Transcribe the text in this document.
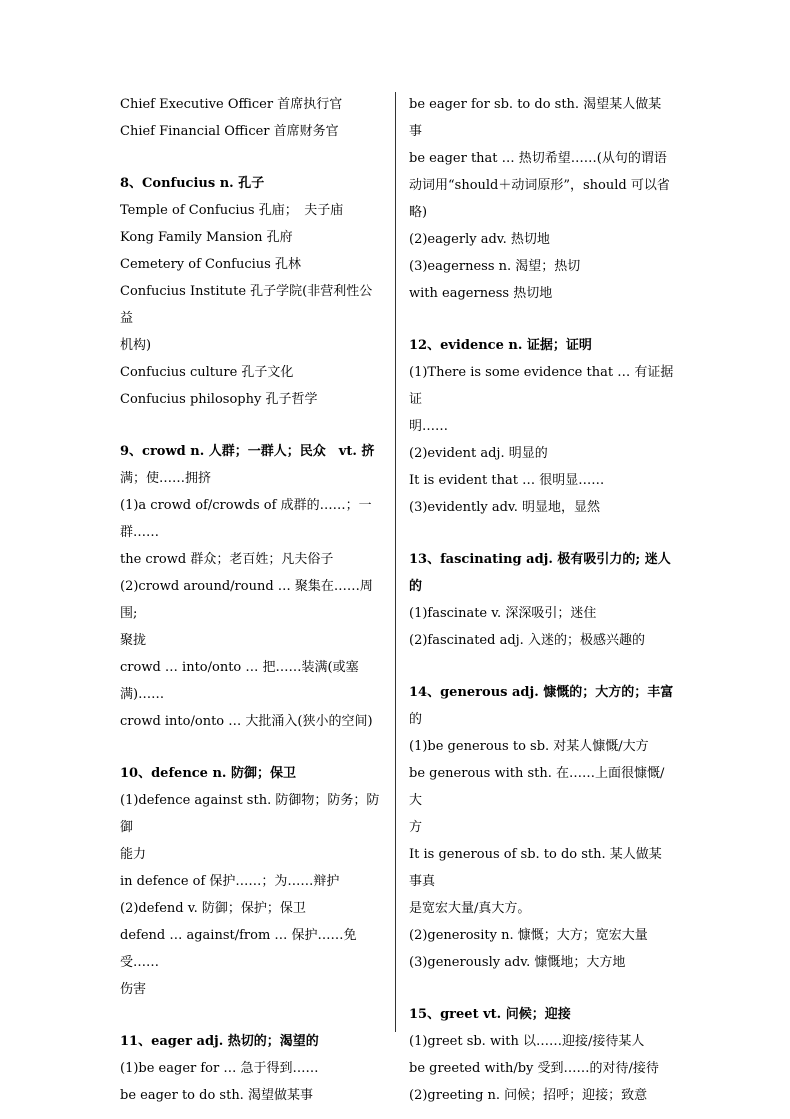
Chief Executive Officer 首席执行官
Chief Financial Officer 首席财务官
8、Confucius n. 孔子
Temple of Confucius 孔庙；　夫子庙
Kong Family Mansion 孔府
Cemetery of Confucius 孔林
Confucius Institute 孔子学院(非营利性公益
机构)
Confucius culture 孔子文化
Confucius philosophy 孔子哲学
9、crowd n. 人群；一群人；民众　vt. 挤
满；使……拥挤
(1)a crowd of/crowds of 成群的……；一
群……
the crowd 群众；老百姓；凡夫俗子
(2)crowd around/round … 聚集在……周围;
聚拢
crowd … into/onto … 把……装满(或塞
满)……
crowd into/onto … 大批涌入(狭小的空间)
10、defence n. 防御；保卫
(1)defence against sth. 防御物；防务；防御
能力
in defence of 保护……；为……辩护
(2)defend v. 防御；保护；保卫
defend … against/from … 保护……免受……
伤害
11、eager adj. 热切的；渴望的
(1)be eager for … 急于得到……
be eager to do sth. 渴望做某事
be eager for sb. to do sth. 渴望某人做某事
be eager that … 热切希望……(从句的谓语
动词用“should＋动词原形”，should 可以省
略)
(2)eagerly adv. 热切地
(3)eagerness n. 渴望；热切
with eagerness 热切地
12、evidence n. 证据；证明
(1)There is some evidence that … 有证据证
明……
(2)evident adj. 明显的
It is evident that … 很明显……
(3)evidently adv. 明显地，显然
13、fascinating adj. 极有吸引力的; 迷人的
(1)fascinate v. 深深吸引；迷住
(2)fascinated adj. 入迷的；极感兴趣的
14、generous adj. 慷慨的；大方的；丰富
的
(1)be generous to sb. 对某人慷慨/大方
be generous with sth. 在……上面很慷慨/大
方
It is generous of sb. to do sth. 某人做某事真
是宽宏大量/真大方。
(2)generosity n. 慷慨；大方；宽宏大量
(3)generously adv. 慷慨地；大方地
15、greet vt. 问候；迎接
(1)greet sb. with 以……迎接/接待某人
be greeted with/by 受到……的对待/接待
(2)greeting n. 问候；招呼；迎接；致意
